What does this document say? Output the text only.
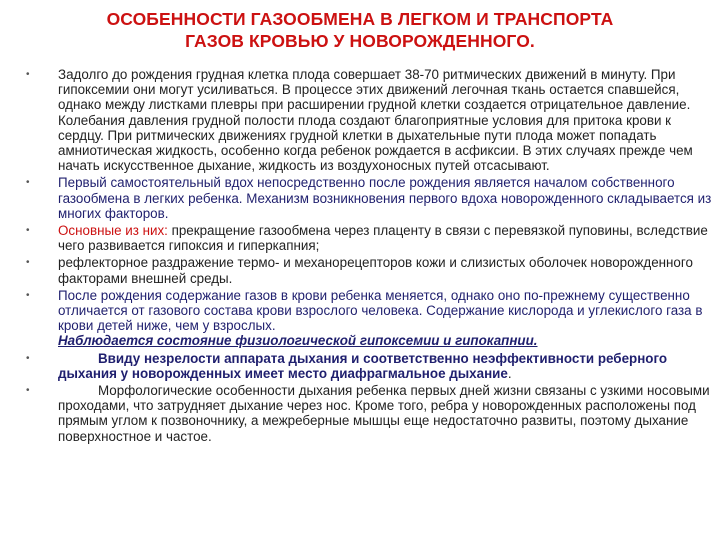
ОСОБЕННОСТИ ГАЗООБМЕНА В ЛЕГКОМ И ТРАНСПОРТА
ГАЗОВ КРОВЬЮ У НОВОРОЖДЕННОГО.

• Задолго до рождения грудная клетка плода совершает 38-70 ритмических движений в минуту. При гипоксемии они могут усиливаться. В процессе этих движений легочная ткань остается спавшейся, однако между листками плевры при расширении грудной клетки создается отрицательное давление. Колебания давления грудной полости плода создают благоприятные условия для притока крови к сердцу. При ритмических движениях грудной клетки в дыхательные пути плода может попадать амниотическая жидкость, особенно когда ребенок рождается в асфиксии. В этих случаях прежде чем начать искусственное дыхание, жидкость из воздухоносных путей отсасывают.

• Первый самостоятельный вдох непосредственно после рождения является началом собственного газообмена в легких ребенка. Механизм возникновения первого вдоха новорожденного складывается из многих факторов.

• Основные из них: прекращение газообмена через плаценту в связи с перевязкой пуповины, вследствие чего развивается гипоксия и гиперкапния;

• рефлекторное раздражение термо- и механорецепторов кожи и слизистых оболочек новорожденного факторами внешней среды.

• После рождения содержание газов в крови ребенка меняется, однако оно по-прежнему существенно отличается от газового состава крови взрослого человека. Содержание кислорода и углекислого газа в крови детей ниже, чем у взрослых.
Наблюдается состояние физиологической гипоксемии и гипокапнии.

•	Ввиду незрелости аппарата дыхания и соответственно неэффективности реберного дыхания у новорожденных имеет место диафрагмальное дыхание.

•	Морфологические особенности дыхания ребенка первых дней жизни связаны с узкими носовыми проходами, что затрудняет дыхание через нос. Кроме того, ребра у новорожденных расположены под прямым углом к позвоночнику, а межреберные мышцы еще недостаточно развиты, поэтому дыхание поверхностное и частое.
